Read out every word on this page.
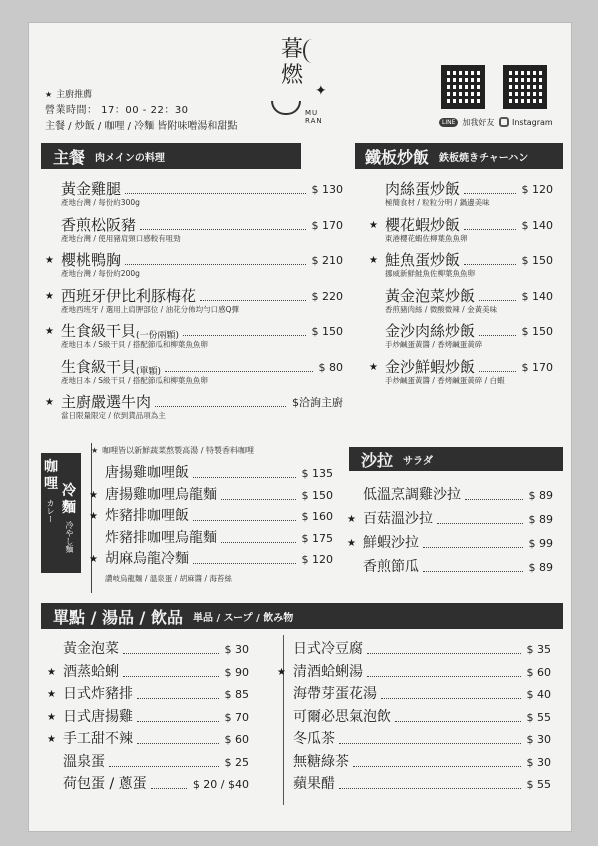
暮燃
✦
MU RAN
★ 主廚推薦
營業時間： 17：00 - 22：30
主餐 / 炒飯 / 咖哩 / 冷麵 皆附味噌湯和甜點	LINE 加我好友 Instagram
主餐 肉メインの料理	鐵板炒飯 鉄板焼きチャーハン
黃金雞腿	$ 130
產地台灣 / 每份約300g
香煎松阪豬	$ 170
產地台灣 / 使用豬肩頸口感較有咀勁
★ 櫻桃鴨胸	$ 210
產地台灣 / 每份約200g
★ 西班牙伊比利豚梅花	$ 220
產地西班牙 / 選用上肩胛部位 / 油花分佈均勻口感Q彈
★ 生食級干貝 (一份兩顆)	$ 150
產地日本 / S級干貝 / 搭配節瓜和柳葉魚魚卵
生食級干貝 (單顆)	$ 80
產地日本 / S級干貝 / 搭配節瓜和柳葉魚魚卵
★ 主廚嚴選牛肉	$洽詢主廚
當日限量限定 / 依到貨品項為主
肉絲蛋炒飯	$ 120
極簡食材 / 粒粒分明 / 鍋邊美味
★ 櫻花蝦炒飯	$ 140
東港櫻花蝦佐柳葉魚魚卵
★ 鮭魚蛋炒飯	$ 150
挪威新鮮鮭魚佐柳葉魚魚卵
黃金泡菜炒飯	$ 140
香煎豬肉絲 / 微酸微辣 / 金黃美味
金沙肉絲炒飯	$ 150
手炒鹹蛋黃醬 / 香烤鹹蛋黃碎
★ 金沙鮮蝦炒飯	$ 170
手炒鹹蛋黃醬 / 香烤鹹蛋黃碎 / 白蝦
咖哩
カレー
冷麵
冷やし麵
★ 咖哩皆以新鮮蔬菜熬製高湯 / 特製香料咖哩
唐揚雞咖哩飯	$ 135
★ 唐揚雞咖哩烏龍麵	$ 150
★ 炸豬排咖哩飯	$ 160
炸豬排咖哩烏龍麵	$ 175
★ 胡麻烏龍冷麵	$ 120
讚岐烏龍麵 / 溫泉蛋 / 胡麻醬 / 海苔絲
沙拉 サラダ
低溫烹調雞沙拉	$ 89
★ 百菇溫沙拉	$ 89
★ 鮮蝦沙拉	$ 99
香煎節瓜	$ 89
單點 / 湯品 / 飲品 単品 / スープ / 飲み物
黃金泡菜	$ 30
★ 酒蒸蛤蜊	$ 90
★ 日式炸豬排	$ 85
★ 日式唐揚雞	$ 70
★ 手工甜不辣	$ 60
溫泉蛋	$ 25
荷包蛋 / 蔥蛋	$ 20 / $40
日式冷豆腐	$ 35
★ 清酒蛤蜊湯	$ 60
海帶芽蛋花湯	$ 40
可爾必思氣泡飲	$ 55
冬瓜茶	$ 30
無糖綠茶	$ 30
蘋果醋	$ 55
